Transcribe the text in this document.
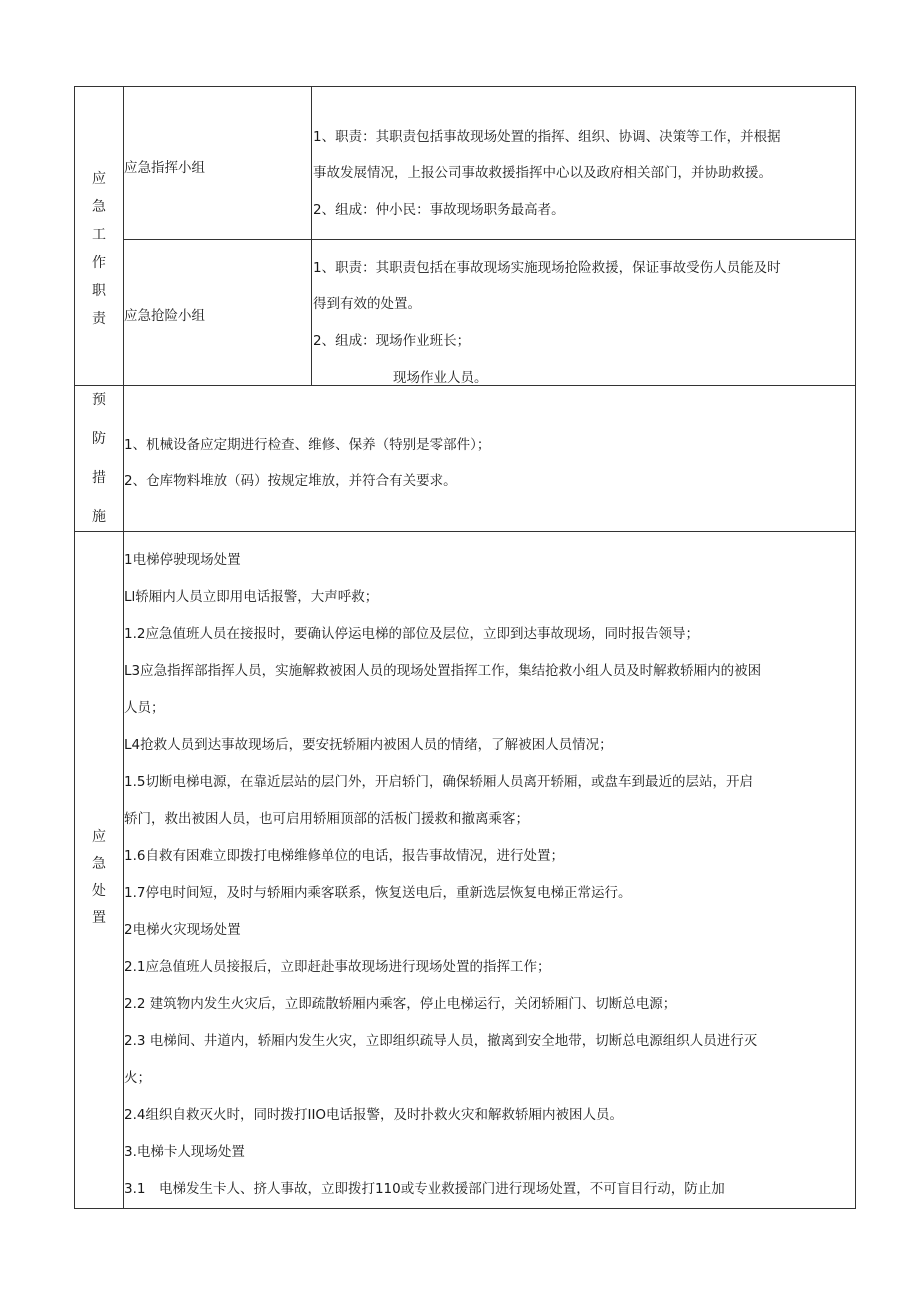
应
急
工
作
职
责
应急指挥小组
1、职责：其职责包括事故现场处置的指挥、组织、协调、决策等工作，并根据
事故发展情况，上报公司事故救援指挥中心以及政府相关部门，并协助救援。
2、组成：仲小民：事故现场职务最高者。
应急抢险小组
1、职责：其职责包括在事故现场实施现场抢险救援，保证事故受伤人员能及时
得到有效的处置。
2、组成：现场作业班长；
现场作业人员。
预
防
措
施
1、机械设备应定期进行检查、维修、保养（特别是零部件）；
2、仓库物料堆放（码）按规定堆放，并符合有关要求。
应
急
处
置
1电梯停驶现场处置
Ll轿厢内人员立即用电话报警，大声呼救；
1.2应急值班人员在接报时，要确认停运电梯的部位及层位，立即到达事故现场，同时报告领导；
L3应急指挥部指挥人员，实施解救被困人员的现场处置指挥工作，集结抢救小组人员及时解救轿厢内的被困
人员；
L4抢救人员到达事故现场后，要安抚轿厢内被困人员的情绪，了解被困人员情况；
1.5切断电梯电源，在靠近层站的层门外，开启轿门，确保轿厢人员离开轿厢，或盘车到最近的层站，开启
轿门，救出被困人员，也可启用轿厢顶部的活板门援救和撤离乘客；
1.6自救有困难立即拨打电梯维修单位的电话，报告事故情况，进行处置；
1.7停电时间短，及时与轿厢内乘客联系，恢复送电后，重新选层恢复电梯正常运行。
2电梯火灾现场处置
2.1应急值班人员接报后，立即赶赴事故现场进行现场处置的指挥工作；
2.2 建筑物内发生火灾后，立即疏散轿厢内乘客，停止电梯运行，关闭轿厢门、切断总电源；
2.3 电梯间、井道内，轿厢内发生火灾，立即组织疏导人员，撤离到安全地带，切断总电源组织人员进行灭
火；
2.4组织自救灭火时，同时拨打IIO电话报警，及时扑救火灾和解救轿厢内被困人员。
3.电梯卡人现场处置
3.1　电梯发生卡人、挤人事故，立即拨打110或专业救援部门进行现场处置，不可盲目行动，防止加
